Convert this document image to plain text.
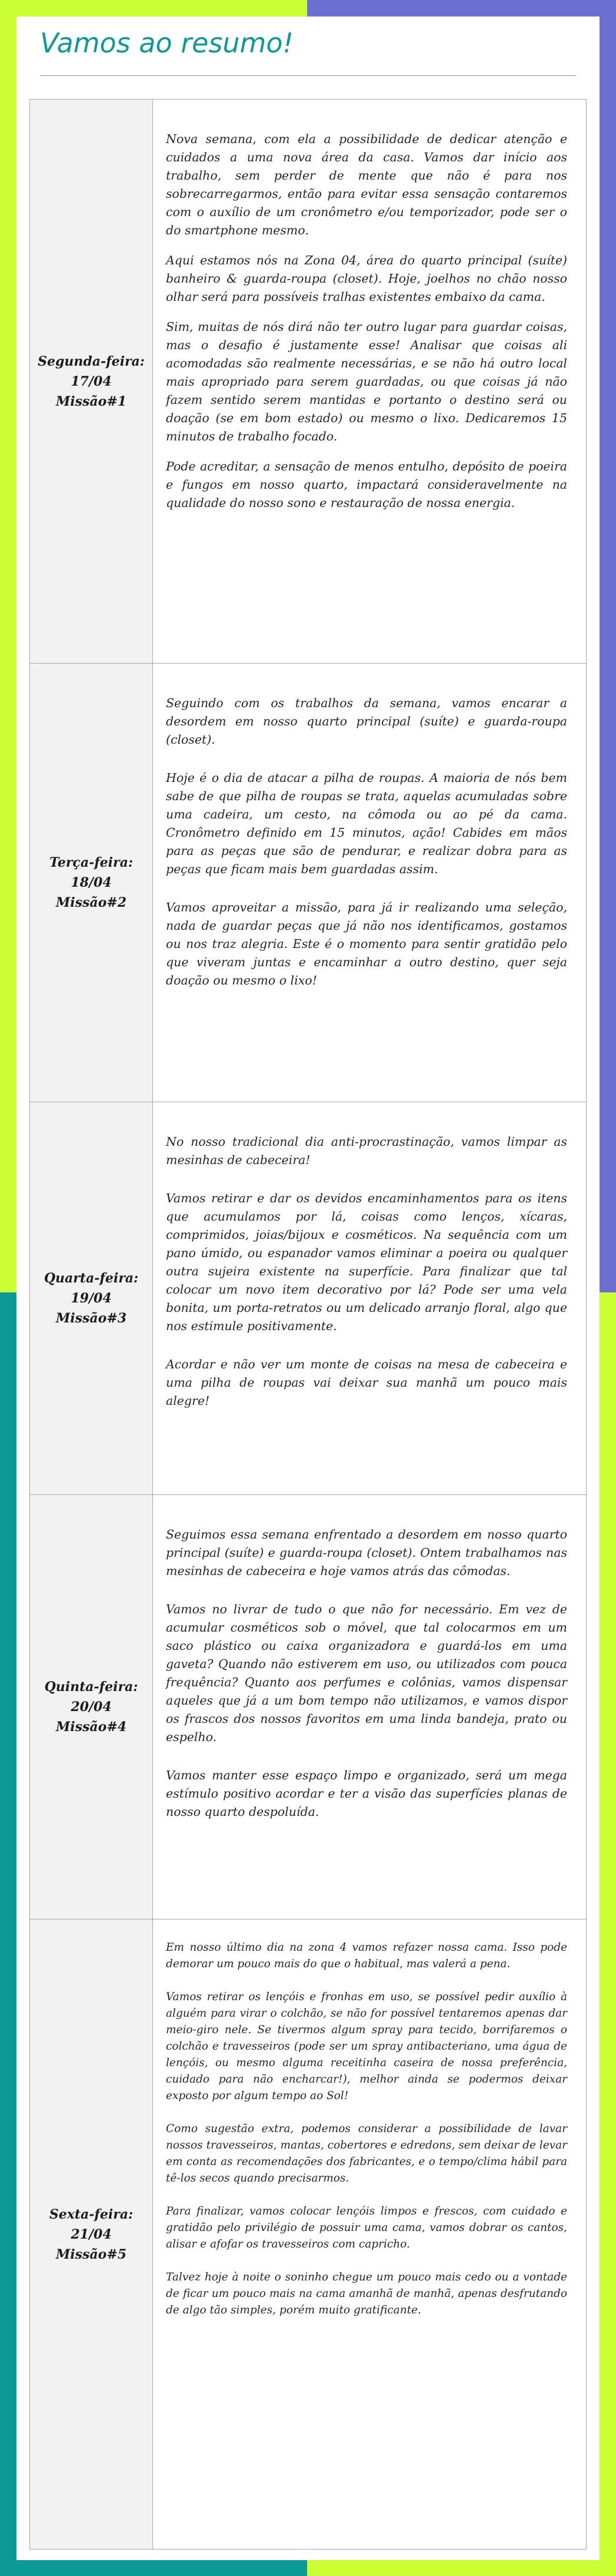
Vamos ao resumo!
Segunda-feira:
17/04
Missão#1

Nova semana, com ela a possibilidade de dedicar atenção e cuidados a uma nova área da casa. Vamos dar início aos trabalho, sem perder de mente que não é para nos sobrecarregarmos, então para evitar essa sensação contaremos com o auxílio de um cronômetro e/ou temporizador, pode ser o do smartphone mesmo.

Aqui estamos nós na Zona 04, área do quarto principal (suíte) banheiro & guarda-roupa (closet). Hoje, joelhos no chão nosso olhar será para possíveis tralhas existentes embaixo da cama.

Sim, muitas de nós dirá não ter outro lugar para guardar coisas, mas o desafio é justamente esse! Analisar que coisas ali acomodadas são realmente necessárias, e se não há outro local mais apropriado para serem guardadas, ou que coisas já não fazem sentido serem mantidas e portanto o destino será ou doação (se em bom estado) ou mesmo o lixo. Dedicaremos 15 minutos de trabalho focado.

Pode acreditar, a sensação de menos entulho, depósito de poeira e fungos em nosso quarto, impactará consideravelmente na qualidade do nosso sono e restauração de nossa energia.

Terça-feira:
18/04
Missão#2

Seguindo com os trabalhos da semana, vamos encarar a desordem em nosso quarto principal (suíte) e guarda-roupa (closet).

Hoje é o dia de atacar a pilha de roupas. A maioria de nós bem sabe de que pilha de roupas se trata, aquelas acumuladas sobre uma cadeira, um cesto, na cômoda ou ao pé da cama. Cronômetro definido em 15 minutos, ação! Cabides em mãos para as peças que são de pendurar, e realizar dobra para as peças que ficam mais bem guardadas assim.

Vamos aproveitar a missão, para já ir realizando uma seleção, nada de guardar peças que já não nos identificamos, gostamos ou nos traz alegria. Este é o momento para sentir gratidão pelo que viveram juntas e encaminhar a outro destino, quer seja doação ou mesmo o lixo!

Quarta-feira:
19/04
Missão#3

No nosso tradicional dia anti-procrastinação, vamos limpar as mesinhas de cabeceira!

Vamos retirar e dar os devidos encaminhamentos para os itens que acumulamos por lá, coisas como lenços, xícaras, comprimidos, joias/bijoux e cosméticos. Na sequência com um pano úmido, ou espanador vamos eliminar a poeira ou qualquer outra sujeira existente na superfície. Para finalizar que tal colocar um novo item decorativo por lá? Pode ser uma vela bonita, um porta-retratos ou um delicado arranjo floral, algo que nos estimule positivamente.

Acordar e não ver um monte de coisas na mesa de cabeceira e uma pilha de roupas vai deixar sua manhã um pouco mais alegre!

Quinta-feira:
20/04
Missão#4

Seguimos essa semana enfrentado a desordem em nosso quarto principal (suíte) e guarda-roupa (closet). Ontem trabalhamos nas mesinhas de cabeceira e hoje vamos atrás das cômodas.

Vamos no livrar de tudo o que não for necessário. Em vez de acumular cosméticos sob o móvel, que tal colocarmos em um saco plástico ou caixa organizadora e guardá-los em uma gaveta? Quando não estiverem em uso, ou utilizados com pouca frequência? Quanto aos perfumes e colônias, vamos dispensar aqueles que já a um bom tempo não utilizamos, e vamos dispor os frascos dos nossos favoritos em uma linda bandeja, prato ou espelho.

Vamos manter esse espaço limpo e organizado, será um mega estímulo positivo acordar e ter a visão das superfícies planas de nosso quarto despoluída.

Sexta-feira:
21/04
Missão#5

Em nosso último dia na zona 4 vamos refazer nossa cama. Isso pode demorar um pouco mais do que o habitual, mas valerá a pena.

Vamos retirar os lençóis e fronhas em uso, se possível pedir auxílio à alguém para virar o colchão, se não for possível tentaremos apenas dar meio-giro nele. Se tivermos algum spray para tecido, borrifaremos o colchão e travesseiros (pode ser um spray antibacteriano, uma água de lençóis, ou mesmo alguma receitinha caseira de nossa preferência, cuidado para não encharcar!), melhor ainda se podermos deixar exposto por algum tempo ao Sol!

Como sugestão extra, podemos considerar a possibilidade de lavar nossos travesseiros, mantas, cobertores e edredons, sem deixar de levar em conta as recomendações dos fabricantes, e o tempo/clima hábil para tê-los secos quando precisarmos.

Para finalizar, vamos colocar lençóis limpos e frescos, com cuidado e gratidão pelo privilégio de possuir uma cama, vamos dobrar os cantos, alisar e afofar os travesseiros com capricho.

Talvez hoje à noite o soninho chegue um pouco mais cedo ou a vontade de ficar um pouco mais na cama amanhã de manhã, apenas desfrutando de algo tão simples, porém muito gratificante.
